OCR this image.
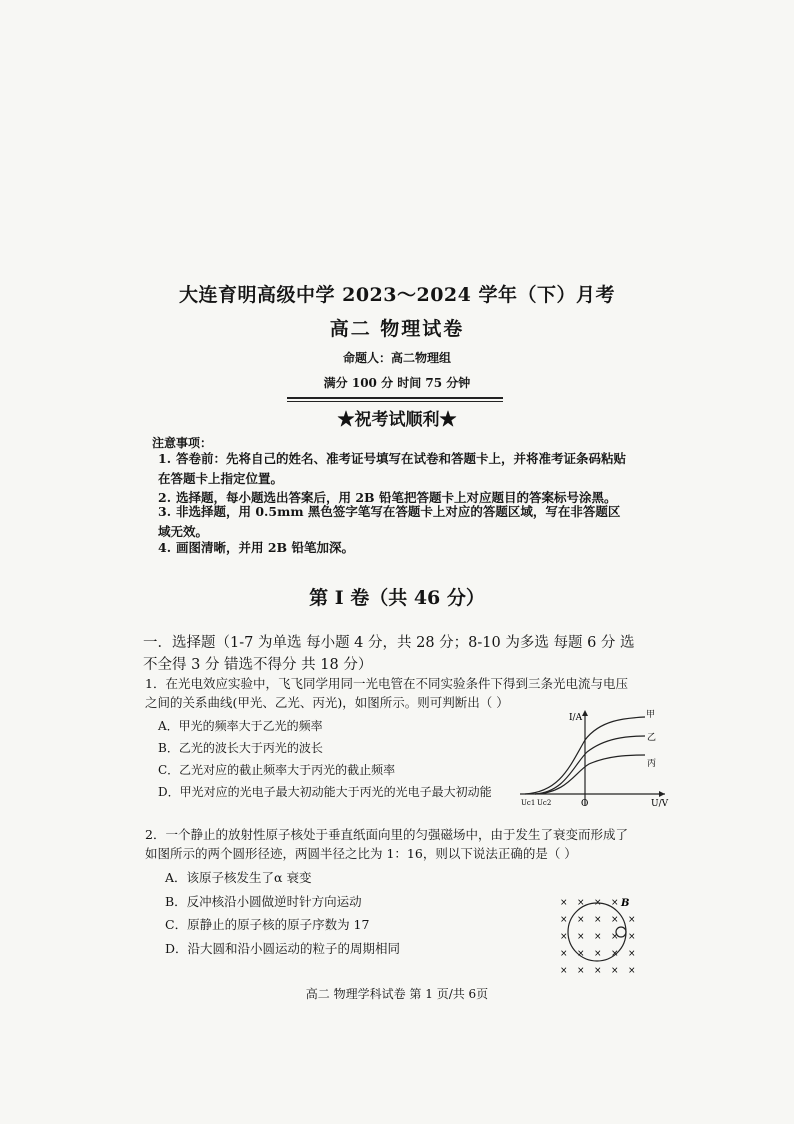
大连育明高级中学 2023～2024 学年（下）月考
高二 物理试卷
命题人：高二物理组
满分 100 分 时间 75 分钟
★祝考试顺利★
注意事项：
1. 答卷前：先将自己的姓名、准考证号填写在试卷和答题卡上，并将准考证条码粘贴在答题卡上指定位置。
2. 选择题，每小题选出答案后，用 2B 铅笔把答题卡上对应题目的答案标号涂黑。
3. 非选择题，用 0.5mm 黑色签字笔写在答题卡上对应的答题区域，写在非答题区域无效。
4. 画图清晰，并用 2B 铅笔加深。
第 I 卷（共 46 分）
一．选择题（1-7 为单选 每小题 4 分，共 28 分；8-10 为多选 每题 6 分 选不全得 3 分 错选不得分 共 18 分）
1．在光电效应实验中，飞飞同学用同一光电管在不同实验条件下得到三条光电流与电压之间的关系曲线(甲光、乙光、丙光)，如图所示。则可判断出（ ）
A．甲光的频率大于乙光的频率
B．乙光的波长大于丙光的波长
C．乙光对应的截止频率大于丙光的截止频率
D．甲光对应的光电子最大初动能大于丙光的光电子最大初动能
I/A
U/V
O
甲
乙
丙
Uc1 Uc2
2．一个静止的放射性原子核处于垂直纸面向里的匀强磁场中，由于发生了衰变而形成了如图所示的两个圆形径迹，两圆半径之比为 1：16，则以下说法正确的是（ ）
A．该原子核发生了α 衰变
B．反冲核沿小圆做逆时针方向运动
C．原静止的原子核的原子序数为 17
D．沿大圆和沿小圆运动的粒子的周期相同
× × × ×
× × × × ×
× × × × ×
× × × × ×
× × × × ×
B
高二 物理学科试卷 第 1 页/共 6页
